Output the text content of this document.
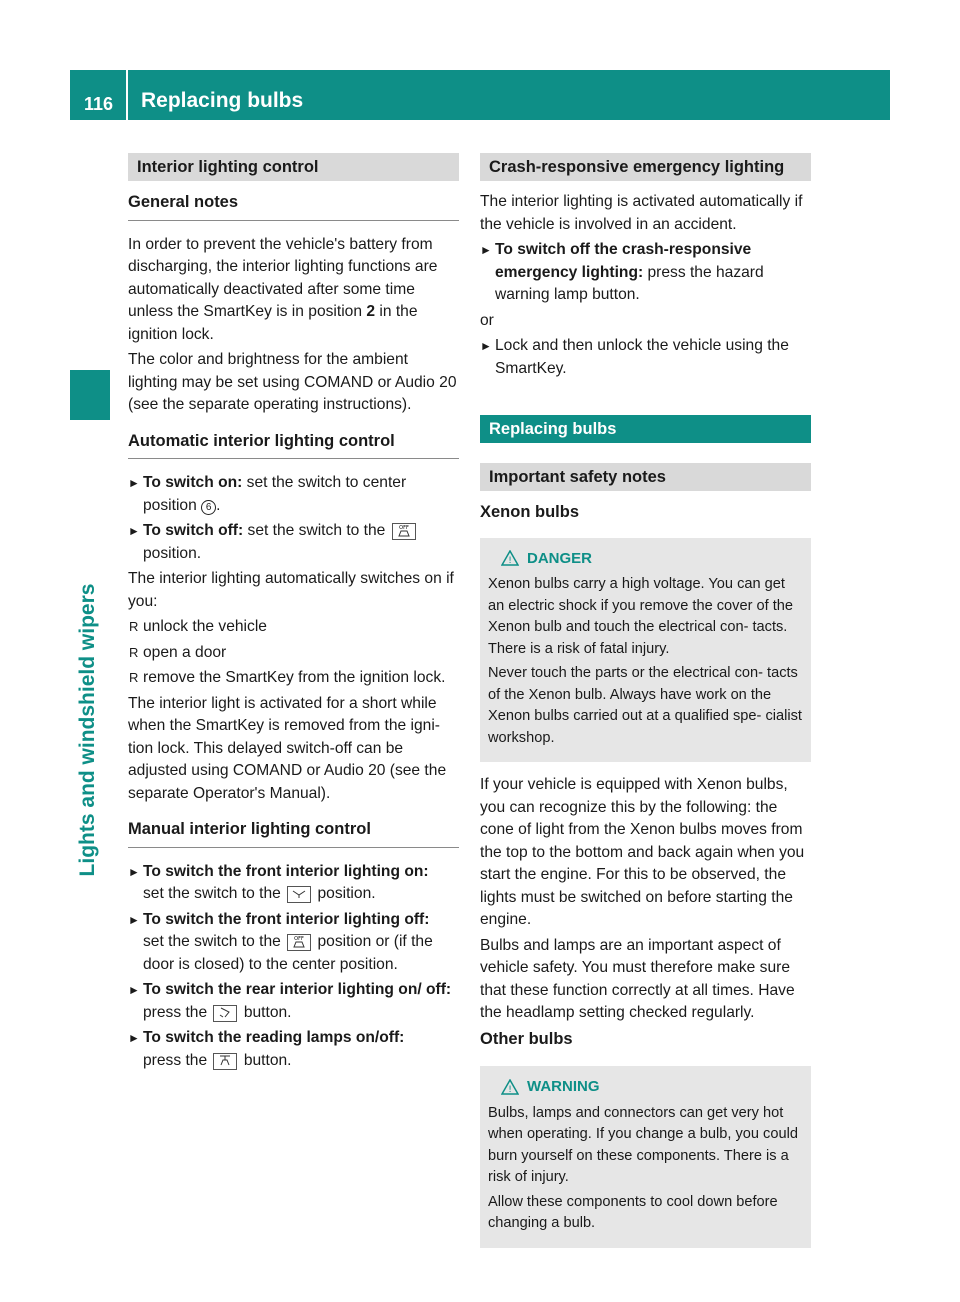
116 Replacing bulbs
Lights and windshield wipers
Interior lighting control
General notes

In order to prevent the vehicle's battery from discharging, the interior lighting functions are automatically deactivated after some time unless the SmartKey is in position 2 in the ignition lock.

The color and brightness for the ambient lighting may be set using COMAND or Audio 20 (see the separate operating instructions).

Automatic interior lighting control
► To switch on: set the switch to center position 6 .
► To switch off: set the switch to the OFF
position.

The interior lighting automatically switches on if you:

R unlock the vehicle
R open a door
R remove the SmartKey from the ignition lock.

The interior light is activated for a short while when the SmartKey is removed from the igni- tion lock. This delayed switch-off can be adjusted using COMAND or Audio 20 (see the separate Operator's Manual).

Manual interior lighting control
► To switch the front interior lighting on:
set the switch to the  position.
► To switch the front interior lighting off:
set the switch to the OFF position or (if the door is closed) to the center position.
► To switch the rear interior lighting on/ off: press the  button.
► To switch the reading lamps on/off:
press the  button.
Crash-responsive emergency lighting

The interior lighting is activated automatically if the vehicle is involved in an accident.

► To switch off the crash-responsive emergency lighting: press the hazard warning lamp button.

or

► Lock and then unlock the vehicle using the SmartKey.
Replacing bulbs
Important safety notes
Xenon bulbs
! DANGER

Xenon bulbs carry a high voltage. You can get an electric shock if you remove the cover of the Xenon bulb and touch the electrical con- tacts. There is a risk of fatal injury.

Never touch the parts or the electrical con- tacts of the Xenon bulb. Always have work on the Xenon bulbs carried out at a qualified spe- cialist workshop.

If your vehicle is equipped with Xenon bulbs, you can recognize this by the following: the cone of light from the Xenon bulbs moves from the top to the bottom and back again when you start the engine. For this to be observed, the lights must be switched on before starting the engine.

Bulbs and lamps are an important aspect of vehicle safety. You must therefore make sure that these function correctly at all times. Have the headlamp setting checked regularly.

Other bulbs
! WARNING

Bulbs, lamps and connectors can get very hot when operating. If you change a bulb, you could burn yourself on these components. There is a risk of injury.

Allow these components to cool down before changing a bulb.
